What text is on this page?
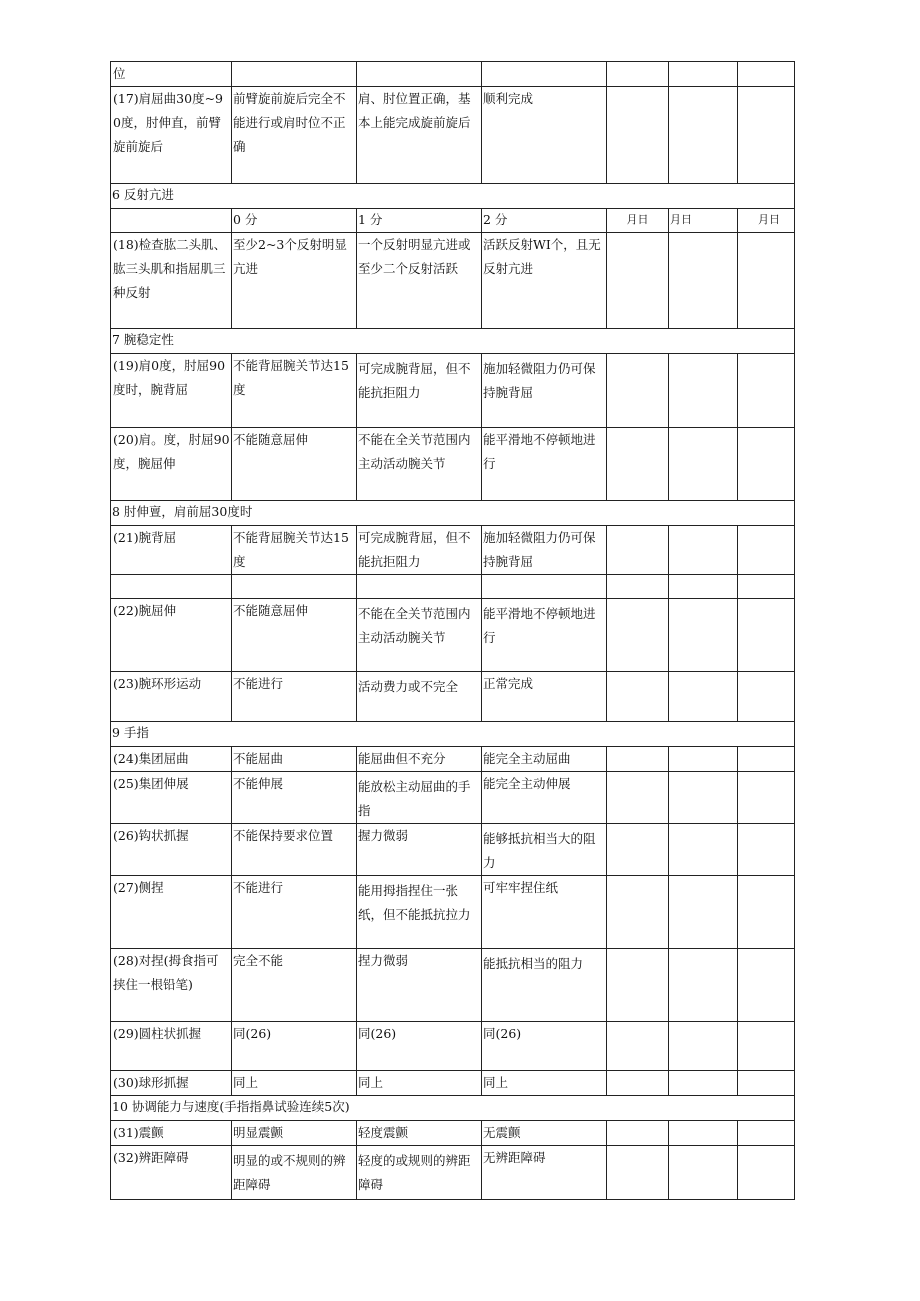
位						
(17)肩屈曲30度~90度，肘伸直，前臂旋前旋后	前臂旋前旋后完全不能进行或肩时位不正确	肩、肘位置正确，基本上能完成旋前旋后	顺利完成			
6 反射亢进						
	0 分	1 分	2 分	月日	月日	月日
(18)检查肱二头肌、肱三头肌和指屈肌三种反射	至少2~3个反射明显亢进	一个反射明显亢进或至少二个反射活跃	活跃反射WI个，且无反射亢进			
7 腕稳定性						
(19)肩0度，肘屈90度时，腕背屈	不能背屈腕关节达15度	可完成腕背屈，但不能抗拒阻力	施加轻微阻力仍可保持腕背屈			
(20)肩。度，肘屈90度，腕屈伸	不能随意屈伸	不能在全关节范围内主动活动腕关节	能平滑地不停顿地进行			
8 肘伸亶，肩前屈30度时						
(21)腕背屈	不能背屈腕关节达15度	可完成腕背屈，但不能抗拒阻力	施加轻微阻力仍可保持腕背屈			

(22)腕屈伸	不能随意屈伸	不能在全关节范围内主动活动腕关节	能平滑地不停顿地进行			
(23)腕环形运动	不能进行	活动费力或不完全	正常完成			
9 手指						
(24)集团屈曲	不能屈曲	能屈曲但不充分	能完全主动屈曲			
(25)集团伸展	不能伸展	能放松主动屈曲的手指	能完全主动伸展			
(26)钩状抓握	不能保持要求位置	握力微弱	能够抵抗相当大的阻力			
(27)侧捏	不能进行	能用拇指捏住一张纸，但不能抵抗拉力	可牢牢捏住纸			
(28)对捏(拇食指可挟住一根铅笔)	完全不能	捏力微弱	能抵抗相当的阻力			
(29)圆柱状抓握	同(26)	同(26)	同(26)			
(30)球形抓握	同上	同上	同上			
10 协调能力与速度(手指指鼻试验连续5次)						
(31)震颤	明显震颤	轻度震颤	无震颤			
(32)辨距障碍	明显的或不规则的辨距障碍	轻度的或规则的辨距障碍	无辨距障碍			
